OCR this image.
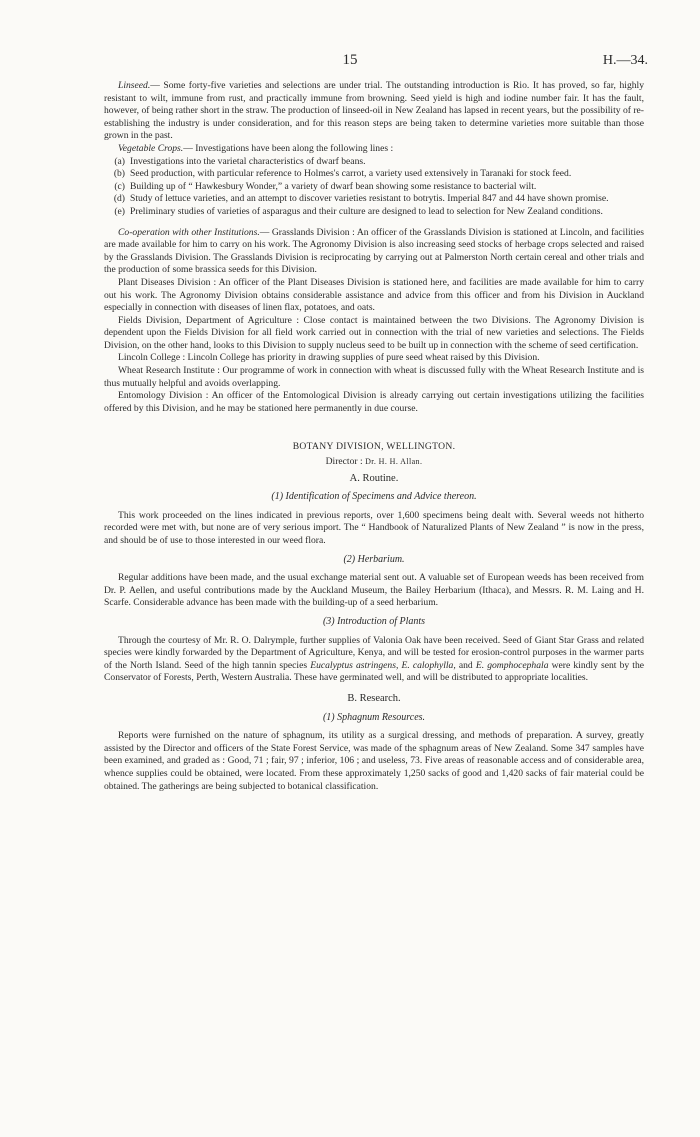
15	H.—34.

Linseed.— Some forty-five varieties and selections are under trial. The outstanding introduction is Rio. It has proved, so far, highly resistant to wilt, immune from rust, and practically immune from browning. Seed yield is high and iodine number fair. It has the fault, however, of being rather short in the straw. The production of linseed-oil in New Zealand has lapsed in recent years, but the possibility of re-establishing the industry is under consideration, and for this reason steps are being taken to determine varieties more suitable than those grown in the past.

Vegetable Crops.— Investigations have been along the following lines :

(a) Investigations into the varietal characteristics of dwarf beans.
(b) Seed production, with particular reference to Holmes's carrot, a variety used extensively in Taranaki for stock feed.
(c) Building up of “ Hawkesbury Wonder,” a variety of dwarf bean showing some resistance to bacterial wilt.
(d) Study of lettuce varieties, and an attempt to discover varieties resistant to botrytis. Imperial 847 and 44 have shown promise.
(e) Preliminary studies of varieties of asparagus and their culture are designed to lead to selection for New Zealand conditions.

Co-operation with other Institutions.— Grasslands Division : An officer of the Grasslands Division is stationed at Lincoln, and facilities are made available for him to carry on his work. The Agronomy Division is also increasing seed stocks of herbage crops selected and raised by the Grasslands Division. The Grasslands Division is reciprocating by carrying out at Palmerston North certain cereal and other trials and the production of some brassica seeds for this Division.

Plant Diseases Division : An officer of the Plant Diseases Division is stationed here, and facilities are made available for him to carry out his work. The Agronomy Division obtains considerable assistance and advice from this officer and from his Division in Auckland especially in connection with diseases of linen flax, potatoes, and oats.

Fields Division, Department of Agriculture : Close contact is maintained between the two Divisions. The Agronomy Division is dependent upon the Fields Division for all field work carried out in connection with the trial of new varieties and selections. The Fields Division, on the other hand, looks to this Division to supply nucleus seed to be built up in connection with the scheme of seed certification.

Lincoln College : Lincoln College has priority in drawing supplies of pure seed wheat raised by this Division.

Wheat Research Institute : Our programme of work in connection with wheat is discussed fully with the Wheat Research Institute and is thus mutually helpful and avoids overlapping.

Entomology Division : An officer of the Entomological Division is already carrying out certain investigations utilizing the facilities offered by this Division, and he may be stationed here permanently in due course.

BOTANY DIVISION, WELLINGTON.
Director : Dr. H. H. Allan.
A. Routine.
(1) Identification of Specimens and Advice thereon.

This work proceeded on the lines indicated in previous reports, over 1,600 specimens being dealt with. Several weeds not hitherto recorded were met with, but none are of very serious import. The “ Handbook of Naturalized Plants of New Zealand ” is now in the press, and should be of use to those interested in our weed flora.

(2) Herbarium.

Regular additions have been made, and the usual exchange material sent out. A valuable set of European weeds has been received from Dr. P. Aellen, and useful contributions made by the Auckland Museum, the Bailey Herbarium (Ithaca), and Messrs. R. M. Laing and H. Scarfe. Considerable advance has been made with the building-up of a seed herbarium.

(3) Introduction of Plants

Through the courtesy of Mr. R. O. Dalrymple, further supplies of Valonia Oak have been received. Seed of Giant Star Grass and related species were kindly forwarded by the Department of Agriculture, Kenya, and will be tested for erosion-control purposes in the warmer parts of the North Island. Seed of the high tannin species Eucalyptus astringens, E. calophylla, and E. gomphocephala were kindly sent by the Conservator of Forests, Perth, Western Australia. These have germinated well, and will be distributed to appropriate localities.

B. Research.
(1) Sphagnum Resources.

Reports were furnished on the nature of sphagnum, its utility as a surgical dressing, and methods of preparation. A survey, greatly assisted by the Director and officers of the State Forest Service, was made of the sphagnum areas of New Zealand. Some 347 samples have been examined, and graded as : Good, 71 ; fair, 97 ; inferior, 106 ; and useless, 73. Five areas of reasonable access and of considerable area, whence supplies could be obtained, were located. From these approximately 1,250 sacks of good and 1,420 sacks of fair material could be obtained. The gatherings are being subjected to botanical classification.
